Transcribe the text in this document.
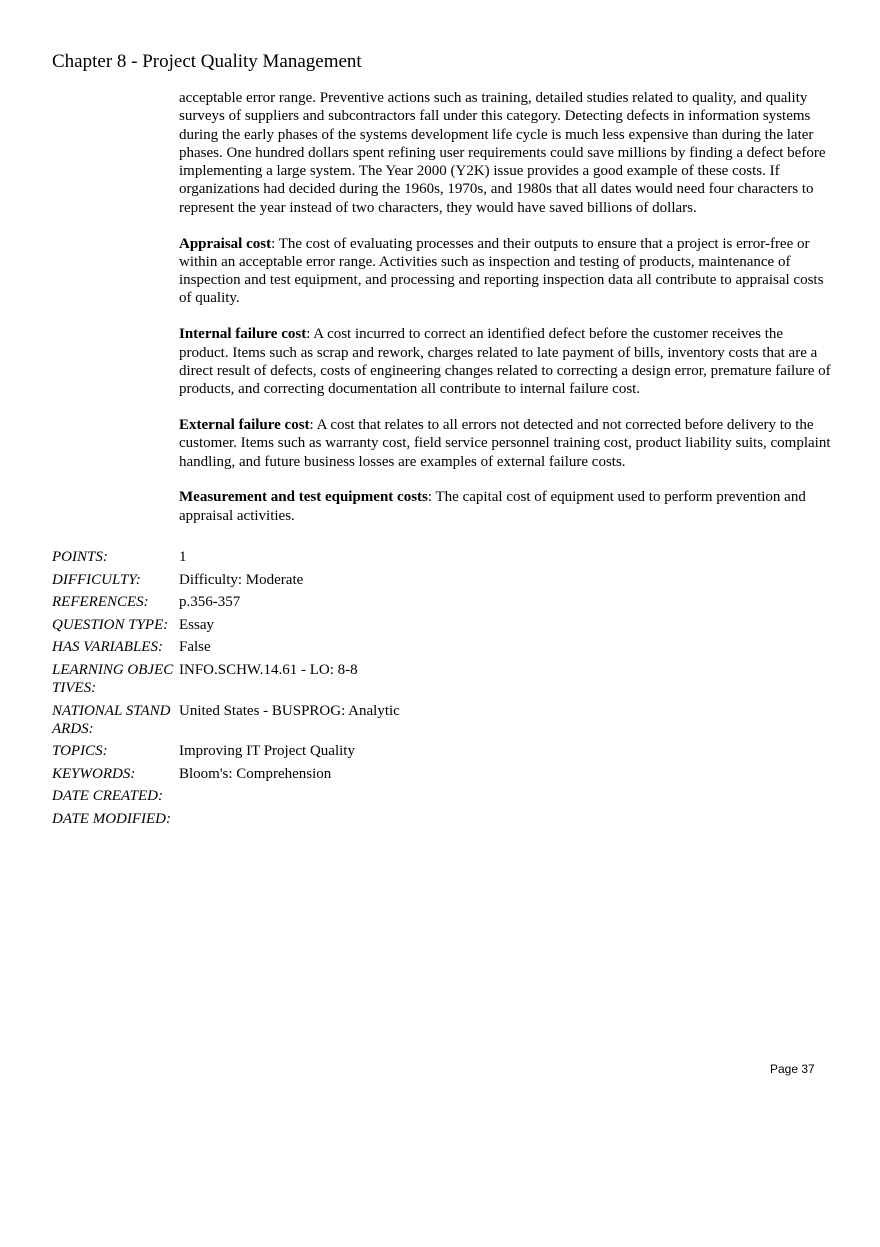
Chapter 8 - Project Quality Management

acceptable error range. Preventive actions such as training, detailed studies related to quality, and quality surveys of suppliers and subcontractors fall under this category. Detecting defects in information systems during the early phases of the systems development life cycle is much less expensive than during the later phases. One hundred dollars spent refining user requirements could save millions by finding a defect before implementing a large system. The Year 2000 (Y2K) issue provides a good example of these costs. If organizations had decided during the 1960s, 1970s, and 1980s that all dates would need four characters to represent the year instead of two characters, they would have saved billions of dollars.

Appraisal cost: The cost of evaluating processes and their outputs to ensure that a project is error-free or within an acceptable error range. Activities such as inspection and testing of products, maintenance of inspection and test equipment, and processing and reporting inspection data all contribute to appraisal costs of quality.

Internal failure cost: A cost incurred to correct an identified defect before the customer receives the product. Items such as scrap and rework, charges related to late payment of bills, inventory costs that are a direct result of defects, costs of engineering changes related to correcting a design error, premature failure of products, and correcting documentation all contribute to internal failure cost.

External failure cost: A cost that relates to all errors not detected and not corrected before delivery to the customer. Items such as warranty cost, field service personnel training cost, product liability suits, complaint handling, and future business losses are examples of external failure costs.

Measurement and test equipment costs: The capital cost of equipment used to perform prevention and appraisal activities.

POINTS:	1
DIFFICULTY:	Difficulty: Moderate
REFERENCES:	p.356-357
QUESTION TYPE: Essay
HAS VARIABLES:	False
LEARNING OBJECTIVES:
INFO.SCHW.14.61 - LO: 8-8
NATIONAL STANDARDS:
United States - BUSPROG: Analytic
TOPICS:	Improving IT Project Quality
KEYWORDS:	Bloom's: Comprehension
DATE CREATED:
DATE MODIFIED:
Page 37
